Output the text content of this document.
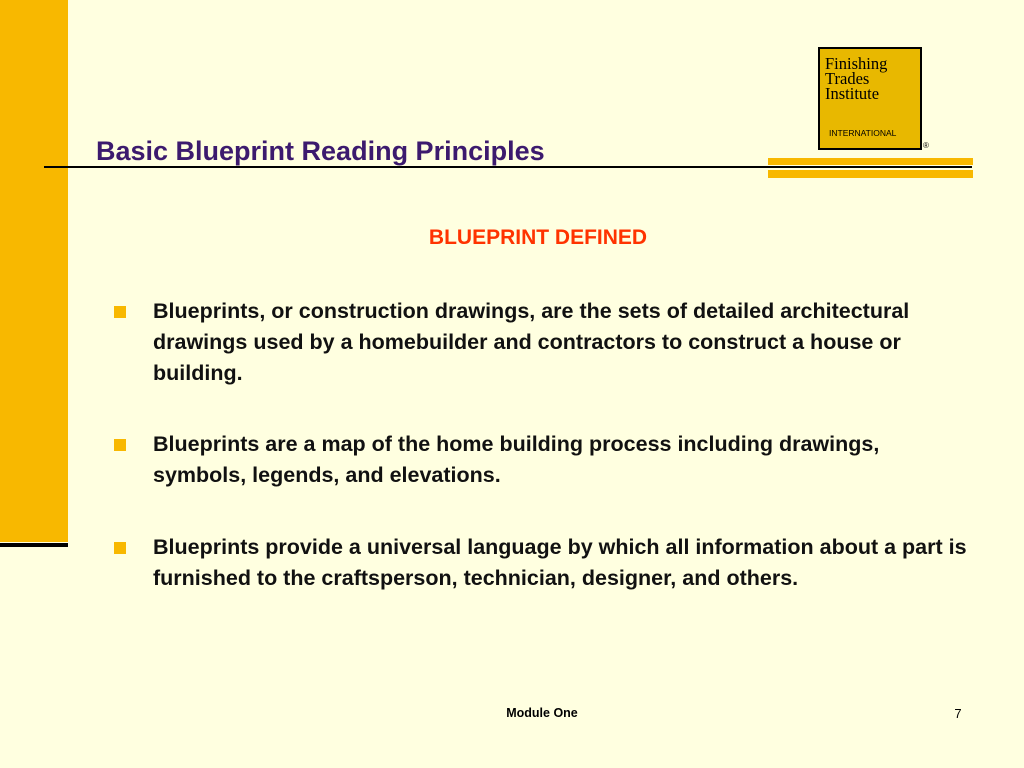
Basic Blueprint Reading Principles
Finishing
Trades
Institute
INTERNATIONAL
®
BLUEPRINT DEFINED
Blueprints, or construction drawings, are the sets of detailed architectural drawings used by a homebuilder and contractors to construct a house or building.
Blueprints are a map of the home building process including drawings, symbols, legends, and elevations.
Blueprints provide a universal language by which all information about a part is furnished to the craftsperson, technician, designer, and others.
Module One	7
